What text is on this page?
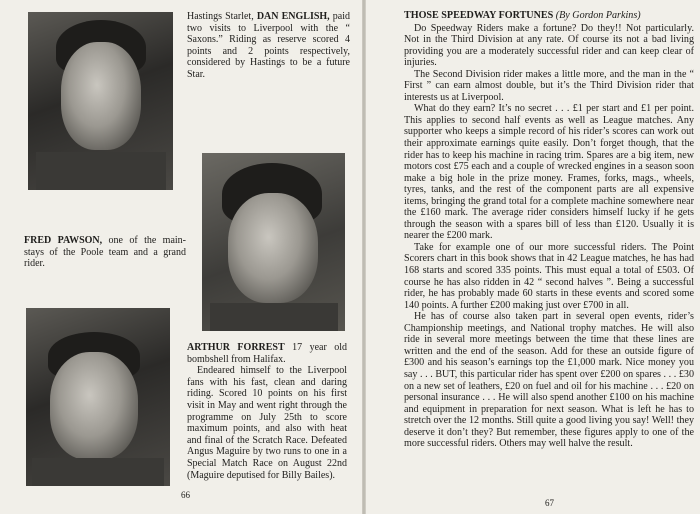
Hastings Starlet, DAN ENGLISH, paid two visits to Liverpool with the “ Saxons.” Riding as reserve scored 4 points and 2 points respectively, considered by Hastings to be a future Star.
FRED PAWSON, one of the main-stays of the Poole team and a grand rider.
ARTHUR FORREST 17 year old bombshell from Halifax.
Endeared himself to the Liverpool fans with his fast, clean and daring riding. Scored 10 points on his first visit in May and went right through the programme on July 25th to score maximum points, and also with heat and final of the Scratch Race. Defeated Angus Maguire by two runs to one in a Special Match Race on August 22nd (Maguire deputised for Billy Bailes).
66
THOSE SPEEDWAY FORTUNES (By Gordon Parkins)

Do Speedway Riders make a fortune? Do they!! Not particularly. Not in the Third Division at any rate. Of course its not a bad living providing you are a moderately successful rider and can keep clear of injuries.

The Second Division rider makes a little more, and the man in the “ First ” can earn almost double, but it’s the Third Division rider that interests us at Liverpool.

What do they earn? It’s no secret . . . £1 per start and £1 per point. This applies to second half events as well as League matches. Any supporter who keeps a simple record of his rider’s scores can work out their approximate earnings quite easily. Don’t forget though, that the rider has to keep his machine in racing trim. Spares are a big item, new motors cost £75 each and a couple of wrecked engines in a season soon make a big hole in the prize money. Frames, forks, mags., wheels, tyres, tanks, and the rest of the component parts are all expensive items, bringing the grand total for a complete machine somewhere near the £160 mark. The average rider considers himself lucky if he gets through the season with a spares bill of less than £120. Usually it is nearer the £200 mark.

Take for example one of our more successful riders. The Point Scorers chart in this book shows that in 42 League matches, he has had 168 starts and scored 335 points. This must equal a total of £503. Of course he has also ridden in 42 “ second halves ”. Being a successful rider, he has probably made 60 starts in these events and scored some 140 points. A further £200 making just over £700 in all.

He has of course also taken part in several open events, rider’s Championship meetings, and National trophy matches. He will also ride in several more meetings between the time that these lines are written and the end of the season. Add for these an outside figure of £300 and his season’s earnings top the £1,000 mark. Nice money you say . . . BUT, this particular rider has spent over £200 on spares . . . £30 on a new set of leathers, £20 on fuel and oil for his machine . . . £20 on personal insurance . . . He will also spend another £100 on his machine and equipment in preparation for next season. What is left he has to stretch over the 12 months. Still quite a good living you say! Well! they deserve it don’t they? But remember, these figures apply to one of the more successful riders. Others may well halve the result.

67
